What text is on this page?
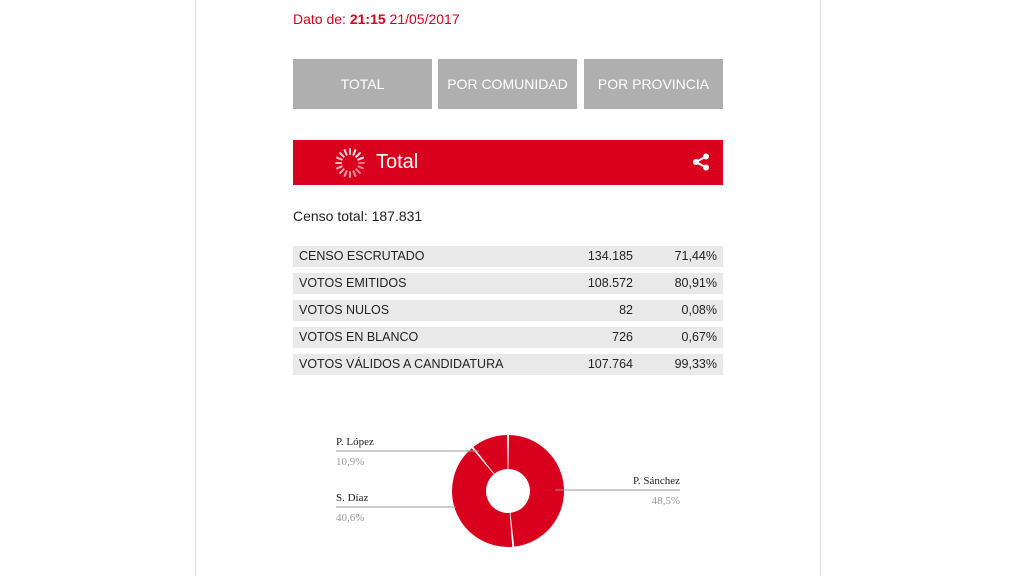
Dato de: 21:15 21/05/2017
TOTAL	POR COMUNIDAD	POR PROVINCIA
Total
Censo total: 187.831
CENSO ESCRUTADO	134.185	71,44%
VOTOS EMITIDOS	108.572	80,91%
VOTOS NULOS	82	0,08%
VOTOS EN BLANCO	726	0,67%
VOTOS VÁLIDOS A CANDIDATURA	107.764	99,33%
P. Sánchez
48,5%
S. Díaz
40,6%
P. López
10,9%
